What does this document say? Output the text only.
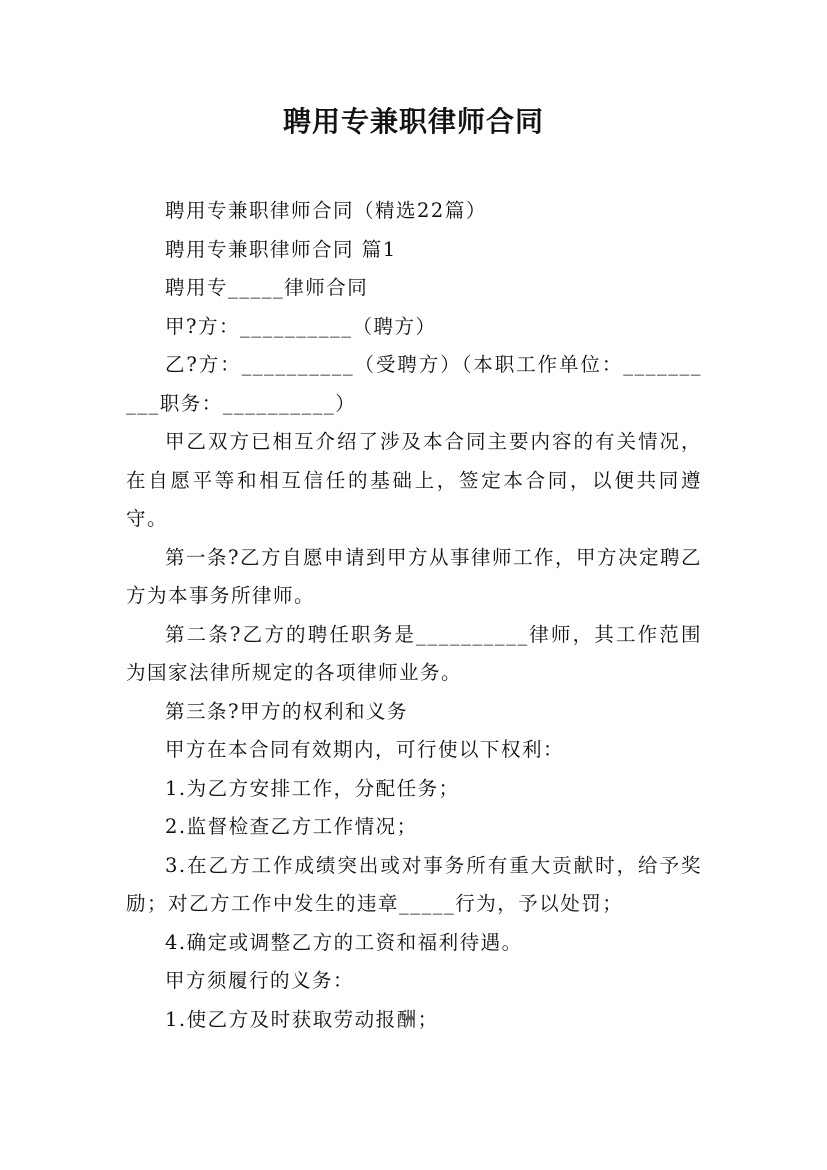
聘用专兼职律师合同

聘用专兼职律师合同（精选22篇）

聘用专兼职律师合同 篇1

聘用专_____律师合同

甲?方：__________（聘方）

乙?方：__________（受聘方）（本职工作单位：__________职务：__________）

甲乙双方已相互介绍了涉及本合同主要内容的有关情况，在自愿平等和相互信任的基础上，签定本合同，以便共同遵守。

第一条?乙方自愿申请到甲方从事律师工作，甲方决定聘乙方为本事务所律师。

第二条?乙方的聘任职务是__________律师，其工作范围为国家法律所规定的各项律师业务。

第三条?甲方的权利和义务

甲方在本合同有效期内，可行使以下权利：

1.为乙方安排工作，分配任务；

2.监督检查乙方工作情况；

3.在乙方工作成绩突出或对事务所有重大贡献时，给予奖励；对乙方工作中发生的违章_____行为，予以处罚；

4.确定或调整乙方的工资和福利待遇。

甲方须履行的义务：

1.使乙方及时获取劳动报酬；
